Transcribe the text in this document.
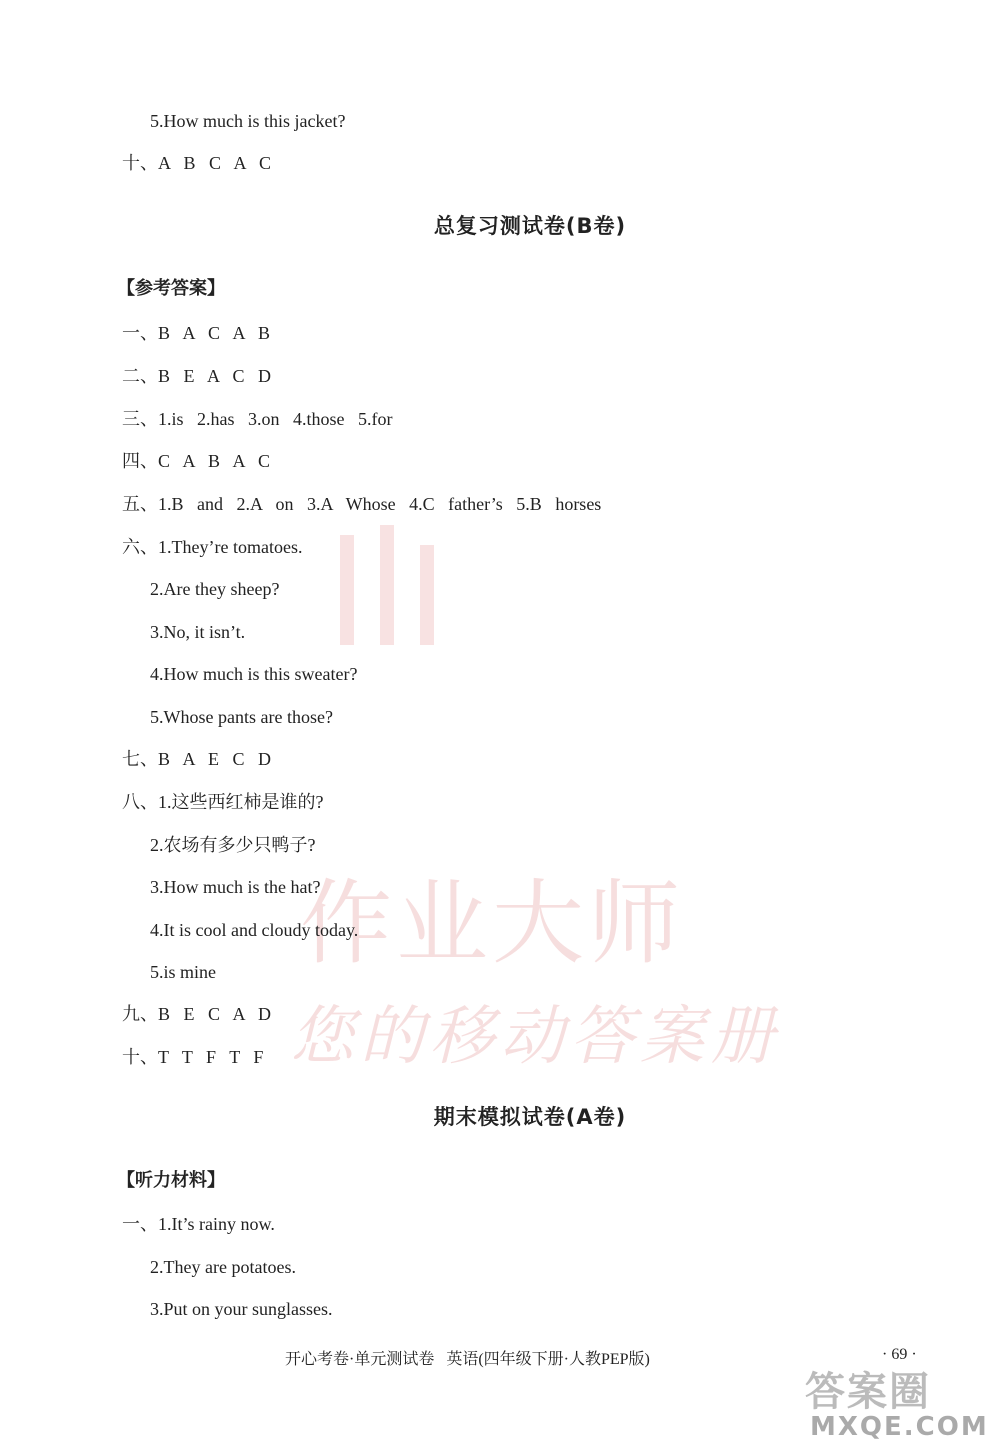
作业大师
您的移动答案册
5.How much is this jacket?
十、A   B   C   A   C
总复习测试卷(B卷)
【参考答案】
一、B   A   C   A   B
二、B   E   A   C   D
三、1.is   2.has   3.on   4.those   5.for
四、C   A   B   A   C
五、1.B   and   2.A   on   3.A   Whose   4.C   father’s   5.B   horses
六、1.They’re tomatoes.
2.Are they sheep?
3.No, it isn’t.
4.How much is this sweater?
5.Whose pants are those?
七、B   A   E   C   D
八、1.这些西红柿是谁的?
2.农场有多少只鸭子?
3.How much is the hat?
4.It is cool and cloudy today.
5.is mine
九、B   E   C   A   D
十、T   T   F   T   F
期末模拟试卷(A卷)
【听力材料】
一、1.It’s rainy now.
2.They are potatoes.
3.Put on your sunglasses.
开心考卷·单元测试卷   英语(四年级下册·人教PEP版)	· 69 ·
答案圈
MXQE.COM
